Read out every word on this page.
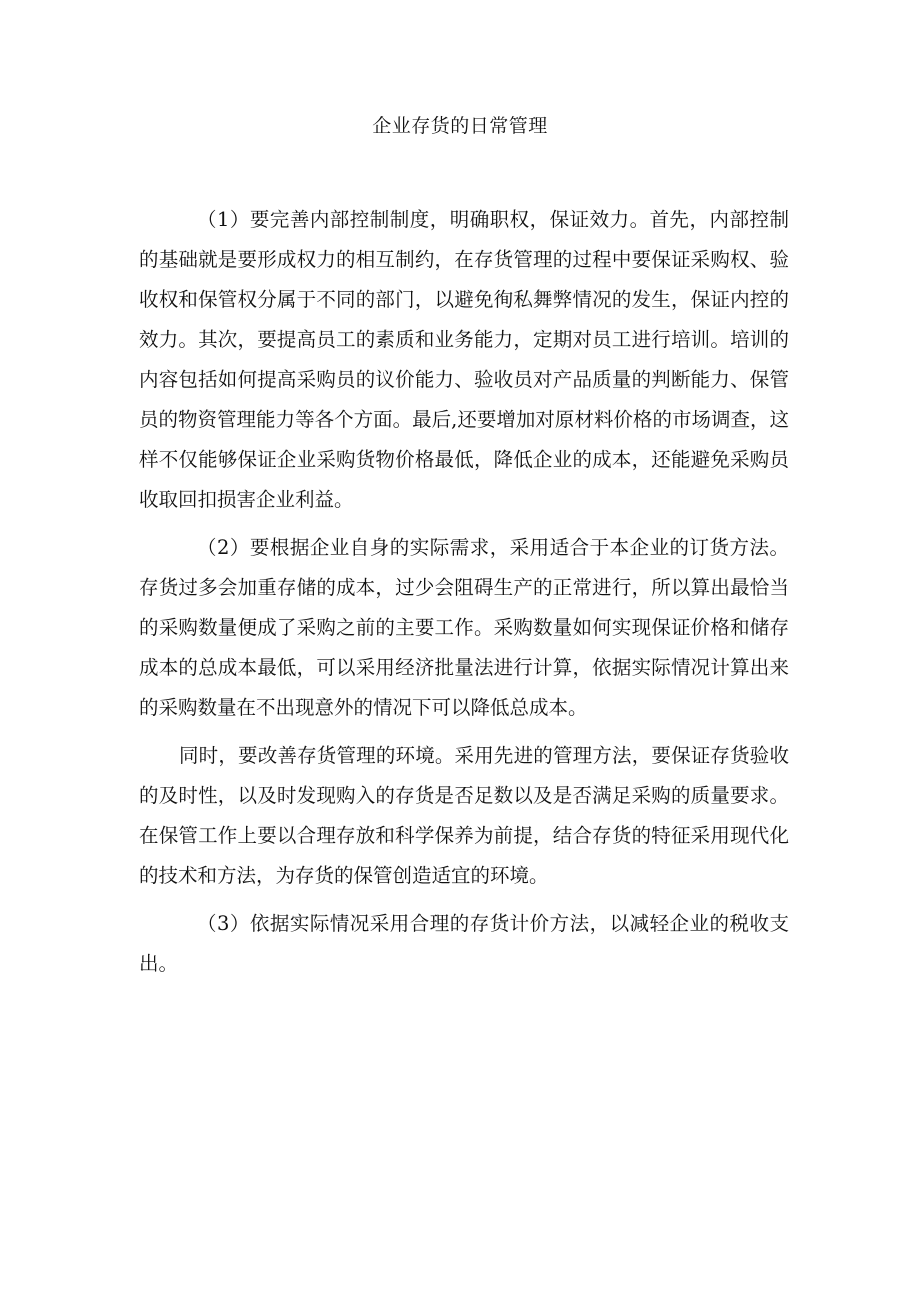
企业存货的日常管理

（1）要完善内部控制制度，明确职权，保证效力。首先，内部控制的基础就是要形成权力的相互制约，在存货管理的过程中要保证采购权、验收权和保管权分属于不同的部门，以避免徇私舞弊情况的发生，保证内控的效力。其次，要提高员工的素质和业务能力，定期对员工进行培训。培训的内容包括如何提高采购员的议价能力、验收员对产品质量的判断能力、保管员的物资管理能力等各个方面。最后,还要增加对原材料价格的市场调查，这样不仅能够保证企业采购货物价格最低，降低企业的成本，还能避免采购员收取回扣损害企业利益。

（2）要根据企业自身的实际需求，采用适合于本企业的订货方法。存货过多会加重存储的成本，过少会阻碍生产的正常进行，所以算出最恰当的采购数量便成了采购之前的主要工作。采购数量如何实现保证价格和储存成本的总成本最低，可以采用经济批量法进行计算，依据实际情况计算出来的采购数量在不出现意外的情况下可以降低总成本。

同时，要改善存货管理的环境。采用先进的管理方法，要保证存货验收的及时性，以及时发现购入的存货是否足数以及是否满足采购的质量要求。在保管工作上要以合理存放和科学保养为前提，结合存货的特征采用现代化的技术和方法，为存货的保管创造适宜的环境。

（3）依据实际情况采用合理的存货计价方法，以减轻企业的税收支出。
